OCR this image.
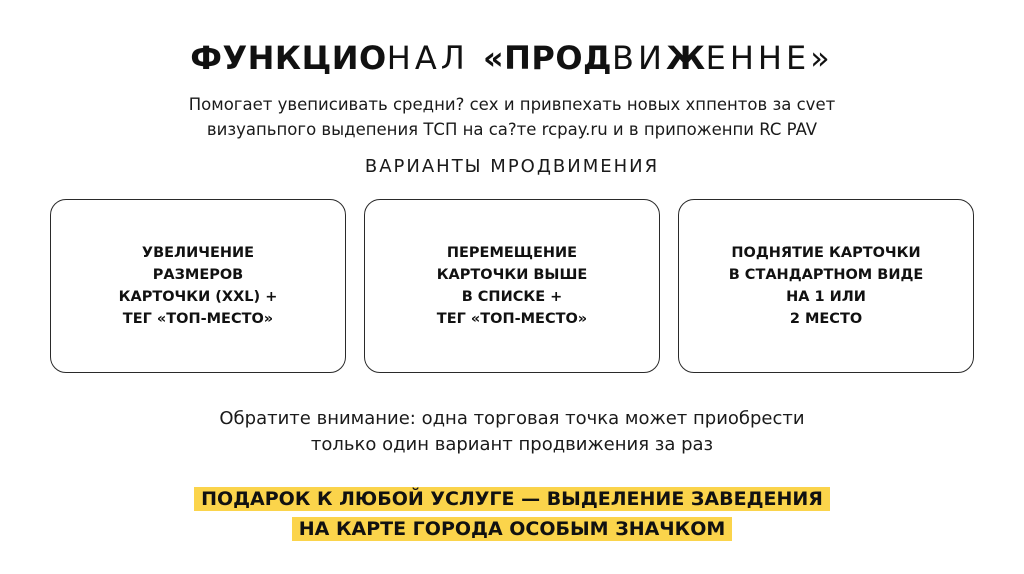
ФУНКЦИОНАЛ «ПРОДВИЖЕННЕ»
Помогает увеписивать средни? сех и привпехать новых хппентов за cvет
визуапьпого выдепения ТСП на са?те rcpay.ru и в припоженпи RC PAV
ВАРИАНТЫ МРОДВИМЕНИЯ
УВЕЛИЧЕНИЕ
РАЗМЕРОВ
КАРТОЧКИ (XXL) +
ТЕГ «ТОП-МЕСТО»
ПЕРЕМЕЩЕНИЕ
КАРТОЧКИ ВЫШЕ
В СПИСКЕ +
ТЕГ «ТОП-МЕСТО»
ПОДНЯТИЕ КАРТОЧКИ
В СТАНДАРТНОМ ВИДЕ
НА 1 ИЛИ
2 МЕСТО
Обратите внимание: одна торговая точка может приобрести
только один вариант продвижения за раз
ПОДАРОК К ЛЮБОЙ УСЛУГЕ — ВЫДЕЛЕНИЕ ЗАВЕДЕНИЯ
НА КАРТЕ ГОРОДА ОСОБЫМ ЗНАЧКОМ
